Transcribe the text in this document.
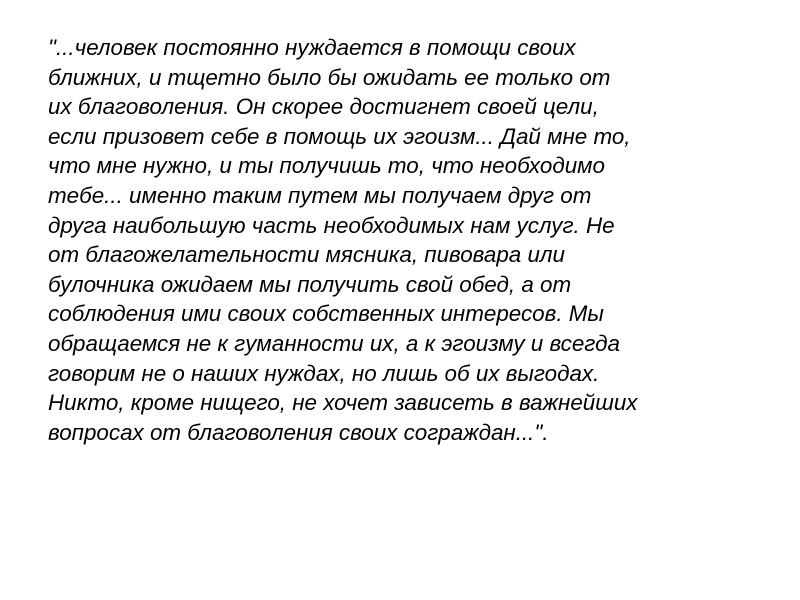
"...человек постоянно нуждается в помощи своих
ближних, и тщетно было бы ожидать ее только от
их благоволения. Он скорее достигнет своей цели,
если призовет себе в помощь их эгоизм... Дай мне то,
что мне нужно, и ты получишь то, что необходимо
тебе... именно таким путем мы получаем друг от
друга наибольшую часть необходимых нам услуг. Не
от благожелательности мясника, пивовара или
булочника ожидаем мы получить свой обед, а от
соблюдения ими своих собственных интересов. Мы
обращаемся не к гуманности их, а к эгоизму и всегда
говорим не о наших нуждах, но лишь об их выгодах.
Никто, кроме нищего, не хочет зависеть в важнейших
вопросах от благоволения своих сограждан...".
